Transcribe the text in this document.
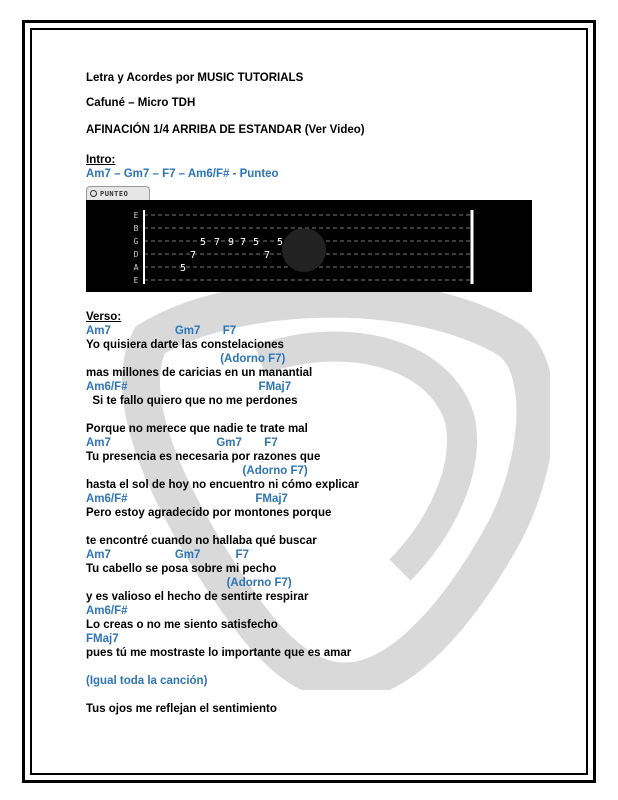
Letra y Acordes por MUSIC TUTORIALS
Cafuné – Micro TDH
AFINACIÓN 1/4 ARRIBA DE ESTANDAR (Ver Video)
Intro:
Am7 – Gm7 – F7 – Am6/F# - Punteo
PUNTEO
E
B
G
D
A
E
5 7 9 7 5 5
7	7
5
Verso:
Am7                    Gm7       F7
Yo quisiera darte las constelaciones
(Adorno F7)
mas millones de caricias en un manantial
Am6/F#                                         FMaj7
Si te fallo quiero que no me perdones
Porque no merece que nadie te trate mal
Am7                                 Gm7       F7
Tu presencia es necesaria por razones que
(Adorno F7)
hasta el sol de hoy no encuentro ni cómo explicar
Am6/F#                                        FMaj7
Pero estoy agradecido por montones porque
te encontré cuando no hallaba qué buscar
Am7                    Gm7           F7
Tu cabello se posa sobre mi pecho
(Adorno F7)
y es valioso el hecho de sentirte respirar
Am6/F#
Lo creas o no me siento satisfecho
FMaj7
pues tú me mostraste lo importante que es amar
(Igual toda la canción)
Tus ojos me reflejan el sentimiento
